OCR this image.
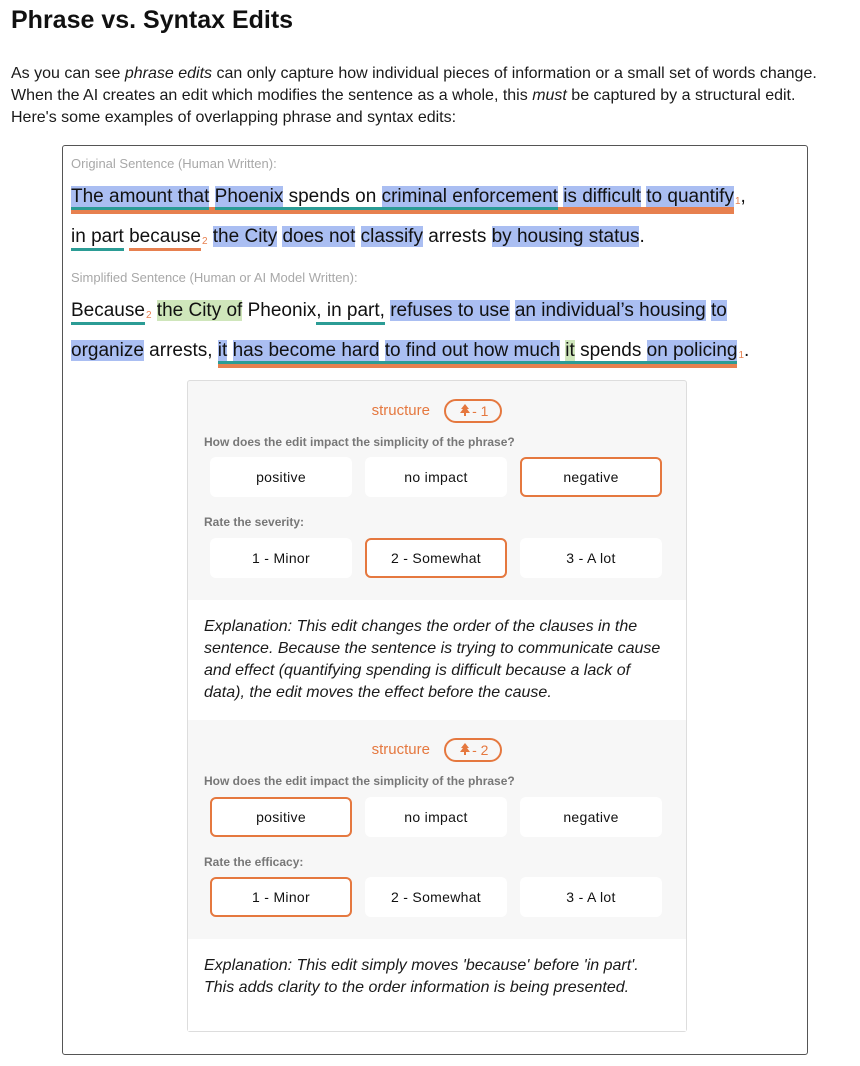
Phrase vs. Syntax Edits

As you can see phrase edits can only capture how individual pieces of information or a small set of words change. When the AI creates an edit which modifies the sentence as a whole, this must be captured by a structural edit. Here's some examples of overlapping phrase and syntax edits:

Original Sentence (Human Written):
The amount that Phoenix spends on criminal enforcement is difficult to quantify$_1$,
in part because$_2$ the City does not classify arrests by housing status.
Simplified Sentence (Human or AI Model Written):
Because$_2$ the City of Pheonix, in part, refuses to use an individual’s housing to
organize arrests, it has become hard to find out how much it spends on policing$_1$.
structure	- 1
How does the edit impact the simplicity of the phrase?
positive	no impact	negative
Rate the severity:
1 - Minor	2 - Somewhat	3 - A lot
Explanation: This edit changes the order of the clauses in the sentence. Because the sentence is trying to communicate cause and effect (quantifying spending is difficult because a lack of data), the edit moves the effect before the cause.
structure	- 2
How does the edit impact the simplicity of the phrase?
positive	no impact	negative
Rate the efficacy:
1 - Minor	2 - Somewhat	3 - A lot
Explanation: This edit simply moves 'because' before 'in part'. This adds clarity to the order information is being presented.
